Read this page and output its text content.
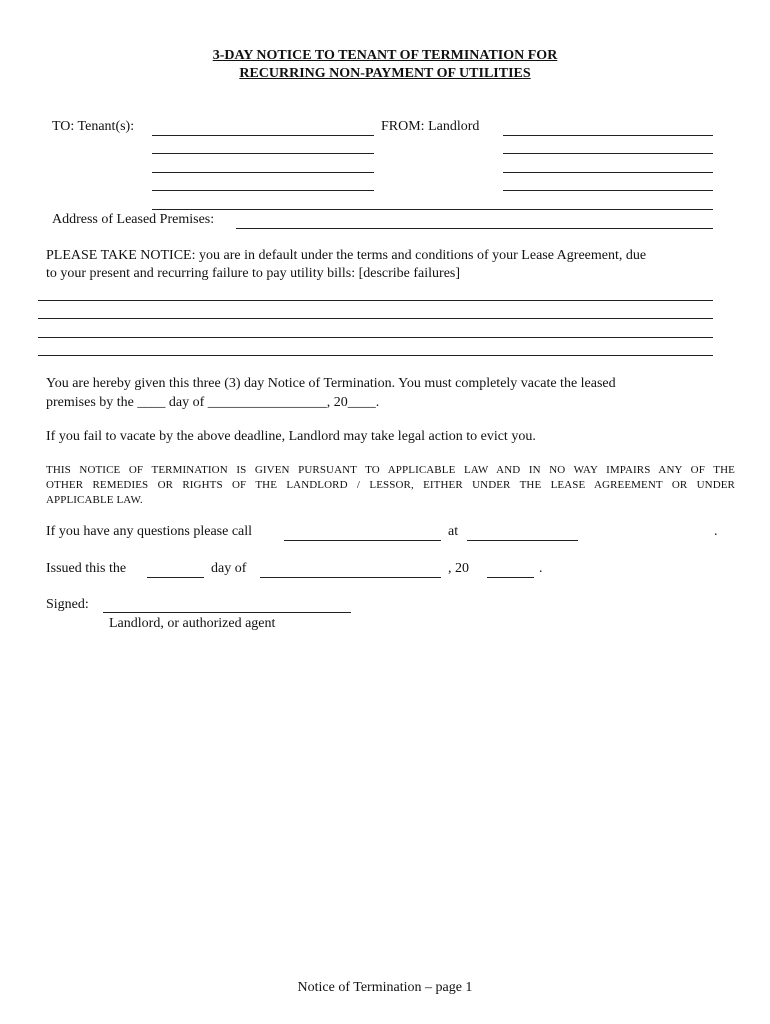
3-DAY NOTICE TO TENANT OF TERMINATION FOR
RECURRING NON-PAYMENT OF UTILITIES
TO: Tenant(s):	FROM: Landlord
Address of Leased Premises:
PLEASE TAKE NOTICE: you are in default under the terms and conditions of your Lease Agreement, due
to your present and recurring failure to pay utility bills: [describe failures]
You are hereby given this three (3) day Notice of Termination. You must completely vacate the leased
premises by the ____ day of _________________, 20____.
If you fail to vacate by the above deadline, Landlord may take legal action to evict you.
THIS NOTICE OF TERMINATION IS GIVEN PURSUANT TO APPLICABLE LAW AND IN NO WAY IMPAIRS ANY OF THE
OTHER REMEDIES OR RIGHTS OF THE LANDLORD / LESSOR, EITHER UNDER THE LEASE AGREEMENT OR UNDER
APPLICABLE LAW.
If you have any questions please call	at	.
Issued this the	day of	, 20	.
Signed:
Landlord, or authorized agent
Notice of Termination – page 1
